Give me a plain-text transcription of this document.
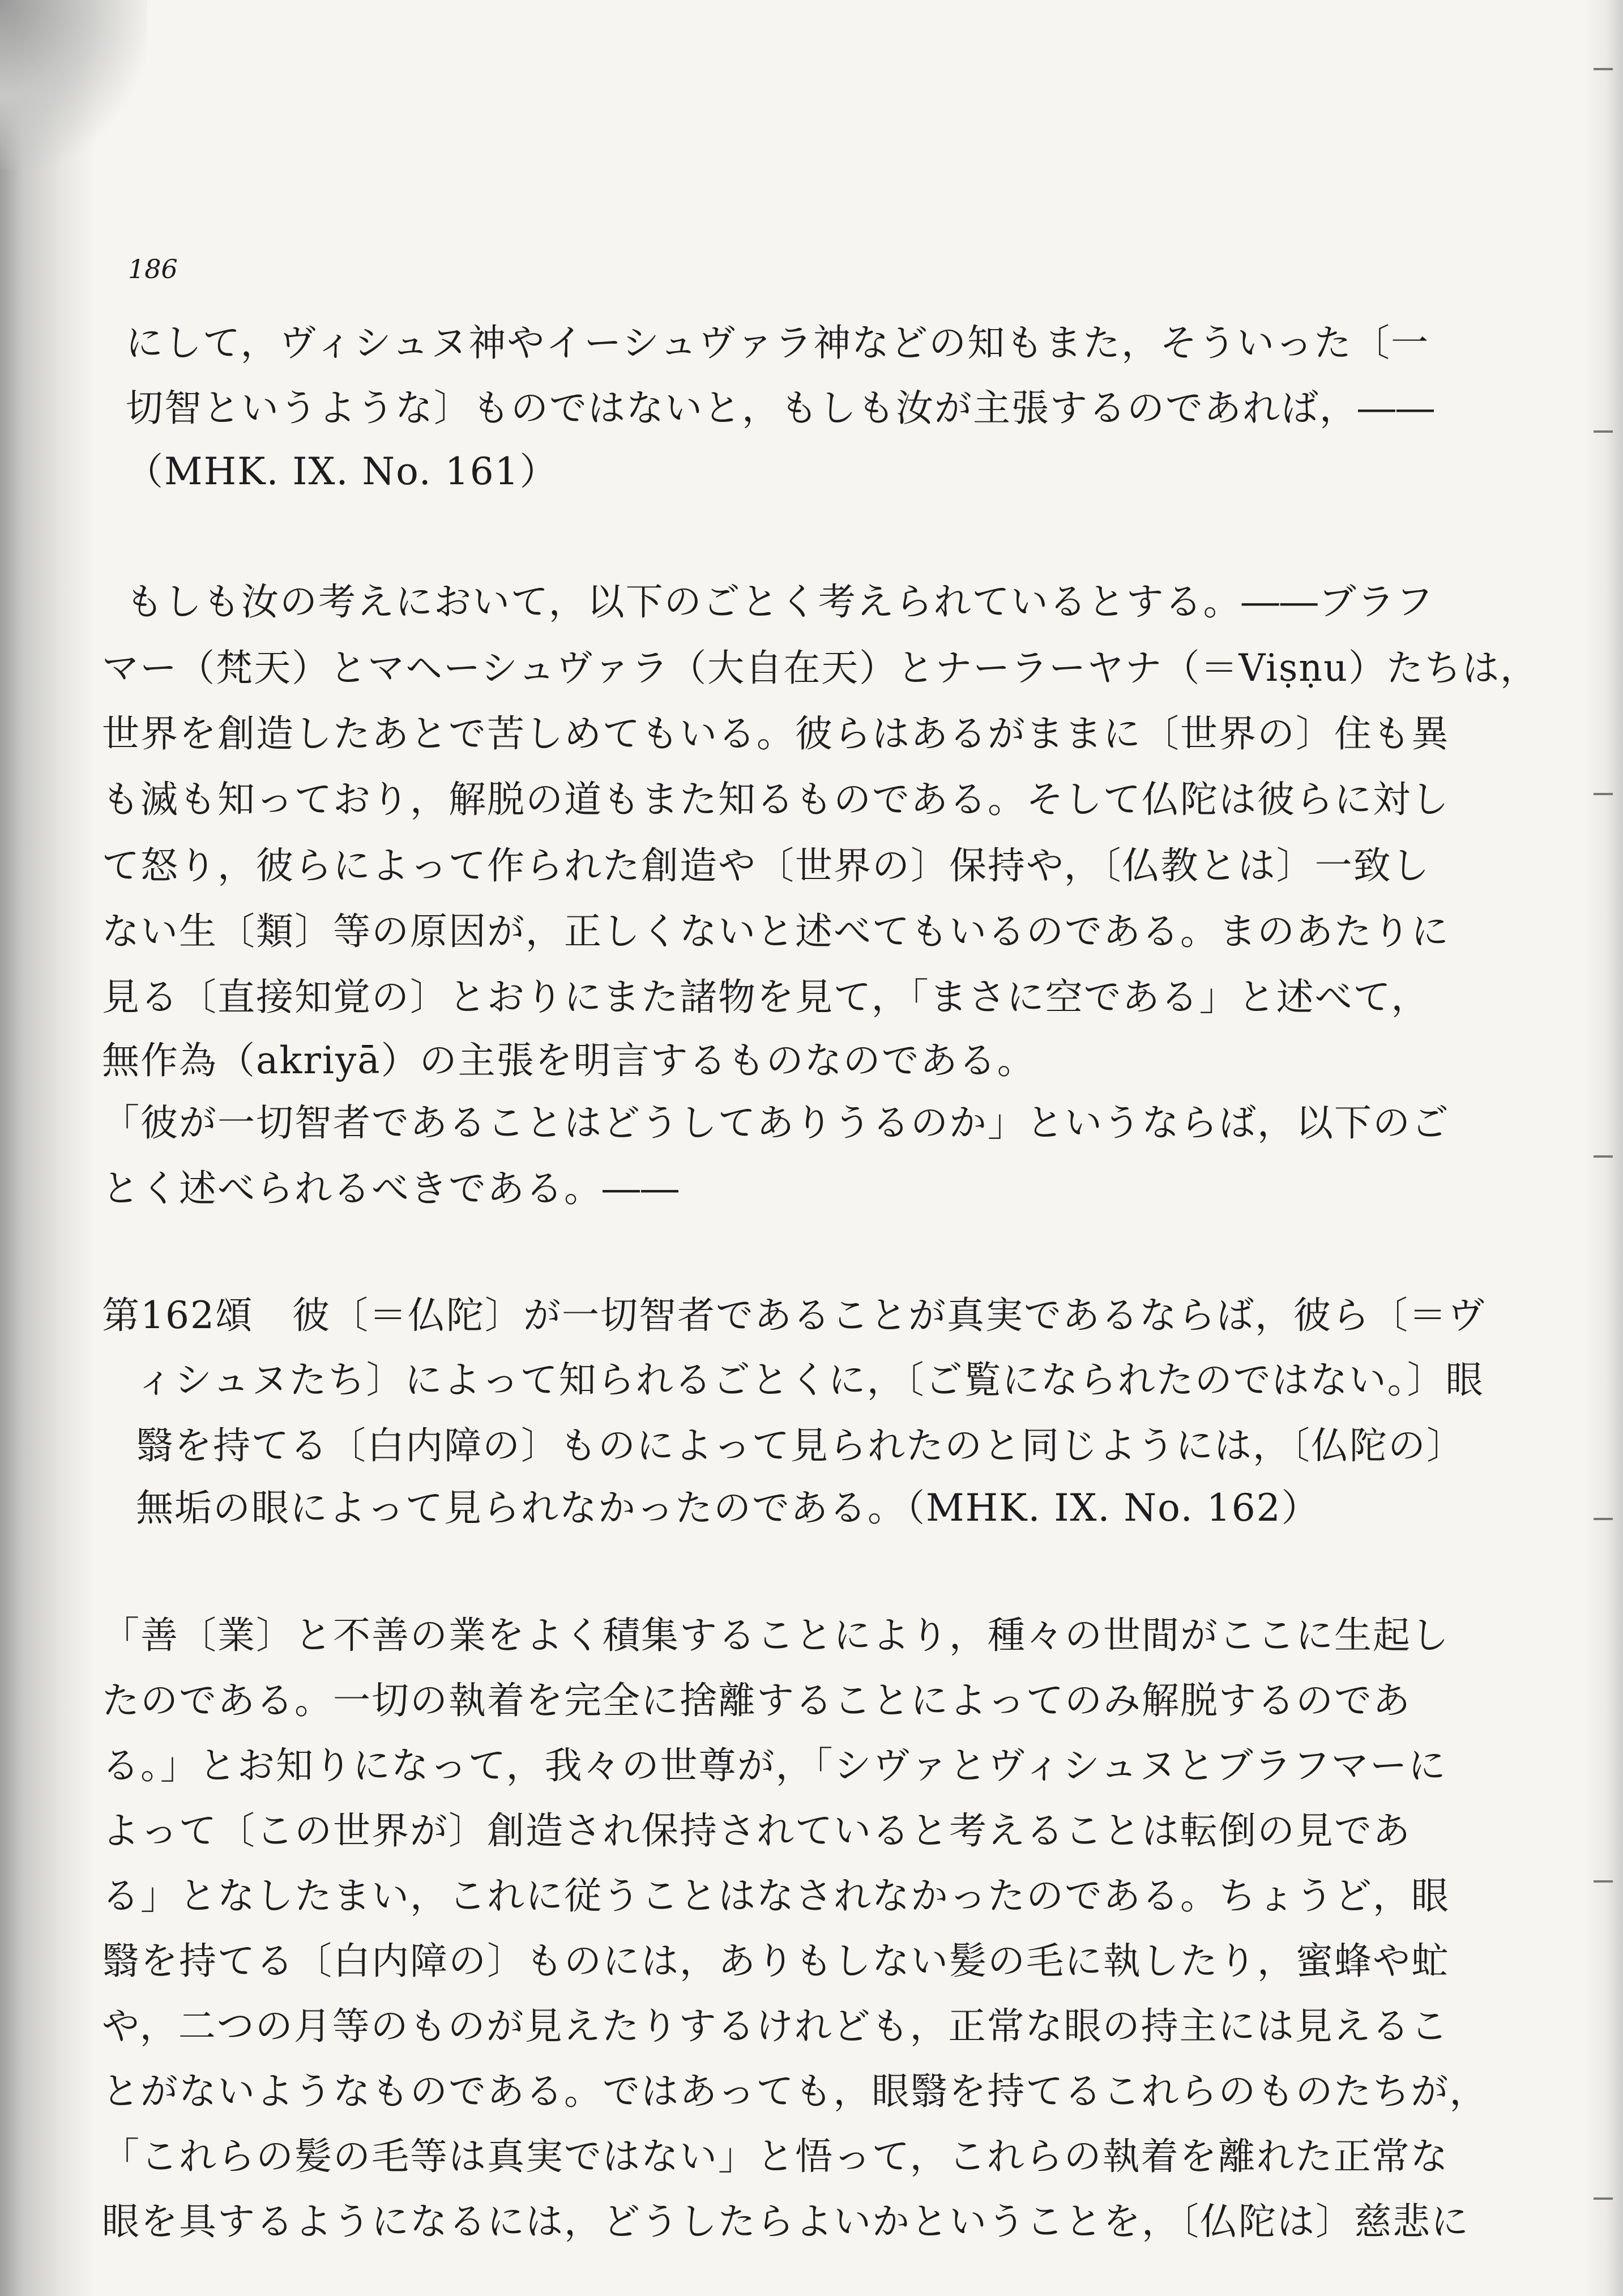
186
にして，ヴィシュヌ神やイーシュヴァラ神などの知もまた，そういった〔一
切智というような〕ものではないと，もしも汝が主張するのであれば，――
（MHK. IX. No. 161）
もしも汝の考えにおいて，以下のごとく考えられているとする。――ブラフ
マー（梵天）とマヘーシュヴァラ（大自在天）とナーラーヤナ（＝Viṣṇu）たちは，
世界を創造したあとで苦しめてもいる。彼らはあるがままに〔世界の〕住も異
も滅も知っており，解脱の道もまた知るものである。そして仏陀は彼らに対し
て怒り，彼らによって作られた創造や〔世界の〕保持や，〔仏教とは〕一致し
ない生〔類〕等の原因が，正しくないと述べてもいるのである。まのあたりに
見る〔直接知覚の〕とおりにまた諸物を見て，「まさに空である」と述べて，
無作為（akriyā）の主張を明言するものなのである。
「彼が一切智者であることはどうしてありうるのか」というならば，以下のご
とく述べられるべきである。――
第162頌　彼〔＝仏陀〕が一切智者であることが真実であるならば，彼ら〔＝ヴ
ィシュヌたち〕によって知られるごとくに，〔ご覧になられたのではない。〕眼
翳を持てる〔白内障の〕ものによって見られたのと同じようには，〔仏陀の〕
無垢の眼によって見られなかったのである。（MHK. IX. No. 162）
「善〔業〕と不善の業をよく積集することにより，種々の世間がここに生起し
たのである。一切の執着を完全に捨離することによってのみ解脱するのであ
る。」とお知りになって，我々の世尊が，「シヴァとヴィシュヌとブラフマーに
よって〔この世界が〕創造され保持されていると考えることは転倒の見であ
る」となしたまい，これに従うことはなされなかったのである。ちょうど，眼
翳を持てる〔白内障の〕ものには，ありもしない髪の毛に執したり，蜜蜂や虻
や，二つの月等のものが見えたりするけれども，正常な眼の持主には見えるこ
とがないようなものである。ではあっても，眼翳を持てるこれらのものたちが，
「これらの髪の毛等は真実ではない」と悟って，これらの執着を離れた正常な
眼を具するようになるには，どうしたらよいかということを，〔仏陀は〕慈悲に
